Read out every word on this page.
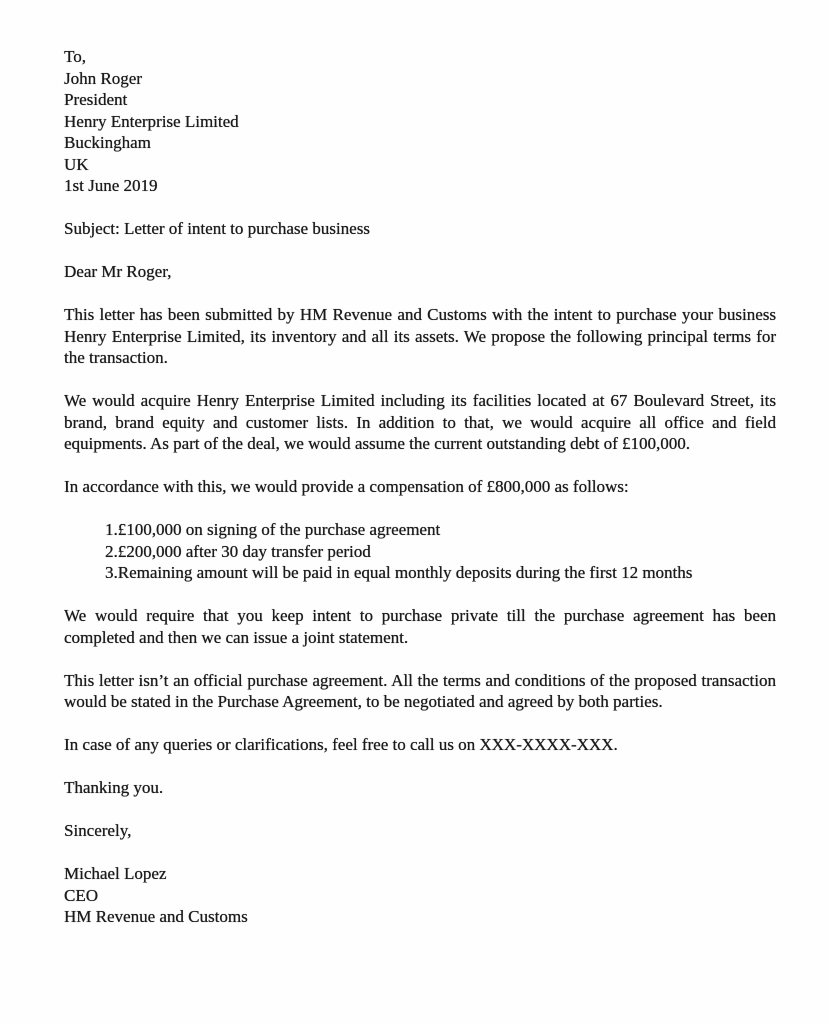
To,
John Roger
President
Henry Enterprise Limited
Buckingham
UK
1st June 2019

Subject: Letter of intent to purchase business

Dear Mr Roger,

This letter has been submitted by HM Revenue and Customs with the intent to purchase your business Henry Enterprise Limited, its inventory and all its assets. We propose the following principal terms for the transaction.

We would acquire Henry Enterprise Limited including its facilities located at 67 Boulevard Street, its brand, brand equity and customer lists. In addition to that, we would acquire all office and field equipments. As part of the deal, we would assume the current outstanding debt of £100,000.

In accordance with this, we would provide a compensation of £800,000 as follows:

1.£100,000 on signing of the purchase agreement
2.£200,000 after 30 day transfer period
3.Remaining amount will be paid in equal monthly deposits during the first 12 months

We would require that you keep intent to purchase private till the purchase agreement has been completed and then we can issue a joint statement.

This letter isn’t an official purchase agreement. All the terms and conditions of the proposed transaction would be stated in the Purchase Agreement, to be negotiated and agreed by both parties.

In case of any queries or clarifications, feel free to call us on XXX-XXXX-XXX.

Thanking you.

Sincerely,

Michael Lopez
CEO
HM Revenue and Customs
